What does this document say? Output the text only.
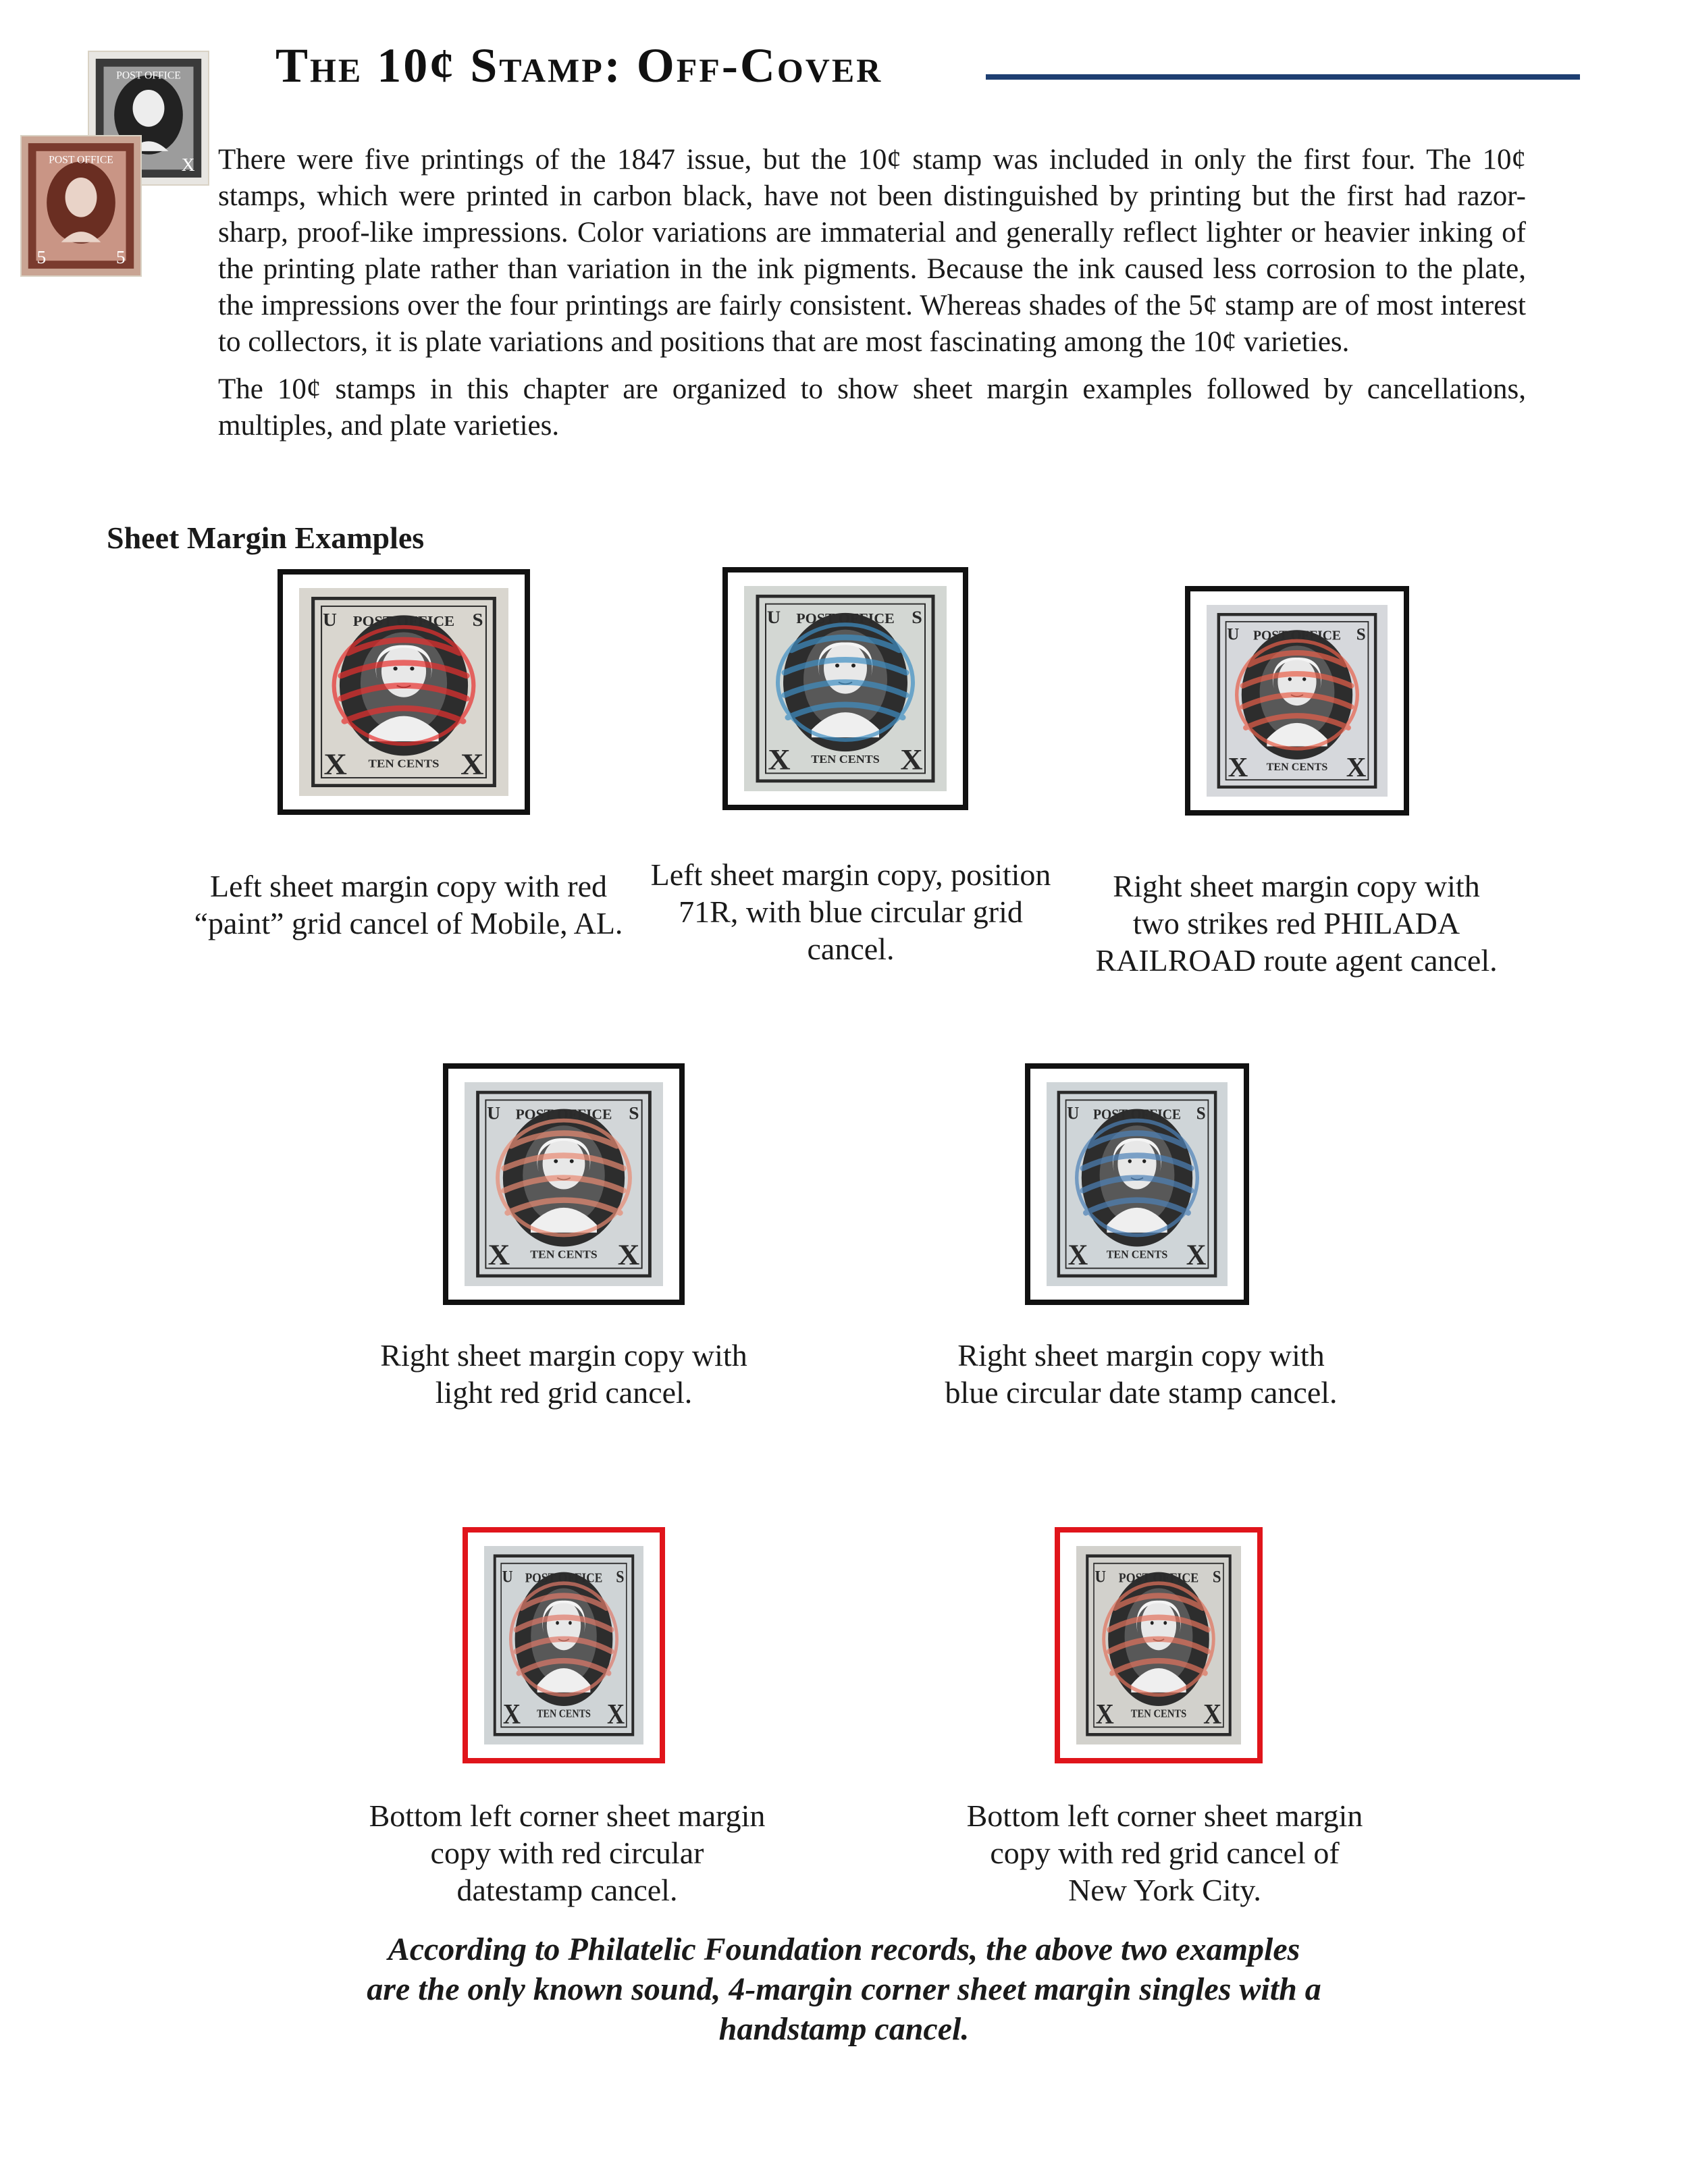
POST OFFICE
X
POST OFFICE
5	5
The 10¢ Stamp: Off-Cover

There were five printings of the 1847 issue, but the 10¢ stamp was included in only the first four. The 10¢ stamps, which were printed in carbon black, have not been distinguished by printing but the first had razor-sharp, proof-like impressions. Color variations are immaterial and generally reflect lighter or heavier inking of the printing plate rather than variation in the ink pigments. Because the ink caused less corrosion to the plate, the impressions over the four printings are fairly consistent. Whereas shades of the 5¢ stamp are of most interest to collectors, it is plate variations and positions that are most fascinating among the 10¢ varieties.

The 10¢ stamps in this chapter are organized to show sheet margin examples followed by cancellations, multiples, and plate varieties.

Sheet Margin Examples
POST OFFICE
U	S
TEN CENTS
X	X
Left sheet margin copy with red “paint” grid cancel of Mobile, AL.
POST OFFICE
U	S
TEN CENTS
X	X
Left sheet margin copy, position 71R, with blue circular grid cancel.
POST OFFICE
U	S
TEN CENTS
X	X
Right sheet margin copy with two strikes red PHILADA RAILROAD route agent cancel.
POST OFFICE
U	S
TEN CENTS
X	X
Right sheet margin copy with light red grid cancel.
POST OFFICE
U	S
TEN CENTS
X	X
Right sheet margin copy with blue circular date stamp cancel.
POST OFFICE
U	S
TEN CENTS
X	X
Bottom left corner sheet margin copy with red circular datestamp cancel.
POST OFFICE
U	S
TEN CENTS
X	X
Bottom left corner sheet margin copy with red grid cancel of New York City.
According to Philatelic Foundation records, the above two examples are the only known sound, 4-margin corner sheet margin singles with a handstamp cancel.
